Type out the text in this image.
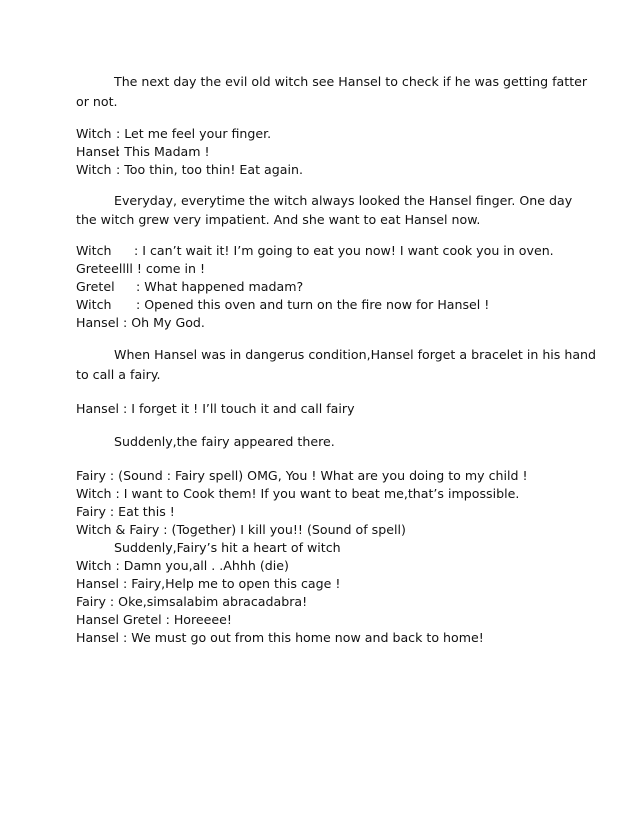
The next day the evil old witch see Hansel to check if he was getting fatter
or not.
Witch : Let me feel your finger.
Hansel: This Madam !
Witch : Too thin, too thin! Eat again.
Everyday, everytime the witch always looked the Hansel finger. One day
the witch grew very impatient. And she want to eat Hansel now.
Witch : I can’t wait it! I’m going to eat you now! I want cook you in oven.
Greteellll ! come in !
Gretel : What happened madam?
Witch : Opened this oven and turn on the fire now for Hansel !
Hansel : Oh My God.
When Hansel was in dangerus condition,Hansel forget a bracelet in his hand
to call a fairy.
Hansel : I forget it ! I’ll touch it and call fairy
Suddenly,the fairy appeared there.
Fairy : (Sound : Fairy spell) OMG, You ! What are you doing to my child !
Witch : I want to Cook them! If you want to beat me,that’s impossible.
Fairy : Eat this !
Witch & Fairy : (Together) I kill you!! (Sound of spell)
Suddenly,Fairy’s hit a heart of witch
Witch : Damn you,all . .Ahhh (die)
Hansel : Fairy,Help me to open this cage !
Fairy : Oke,simsalabim abracadabra!
Hansel Gretel : Horeeee!
Hansel : We must go out from this home now and back to home!
